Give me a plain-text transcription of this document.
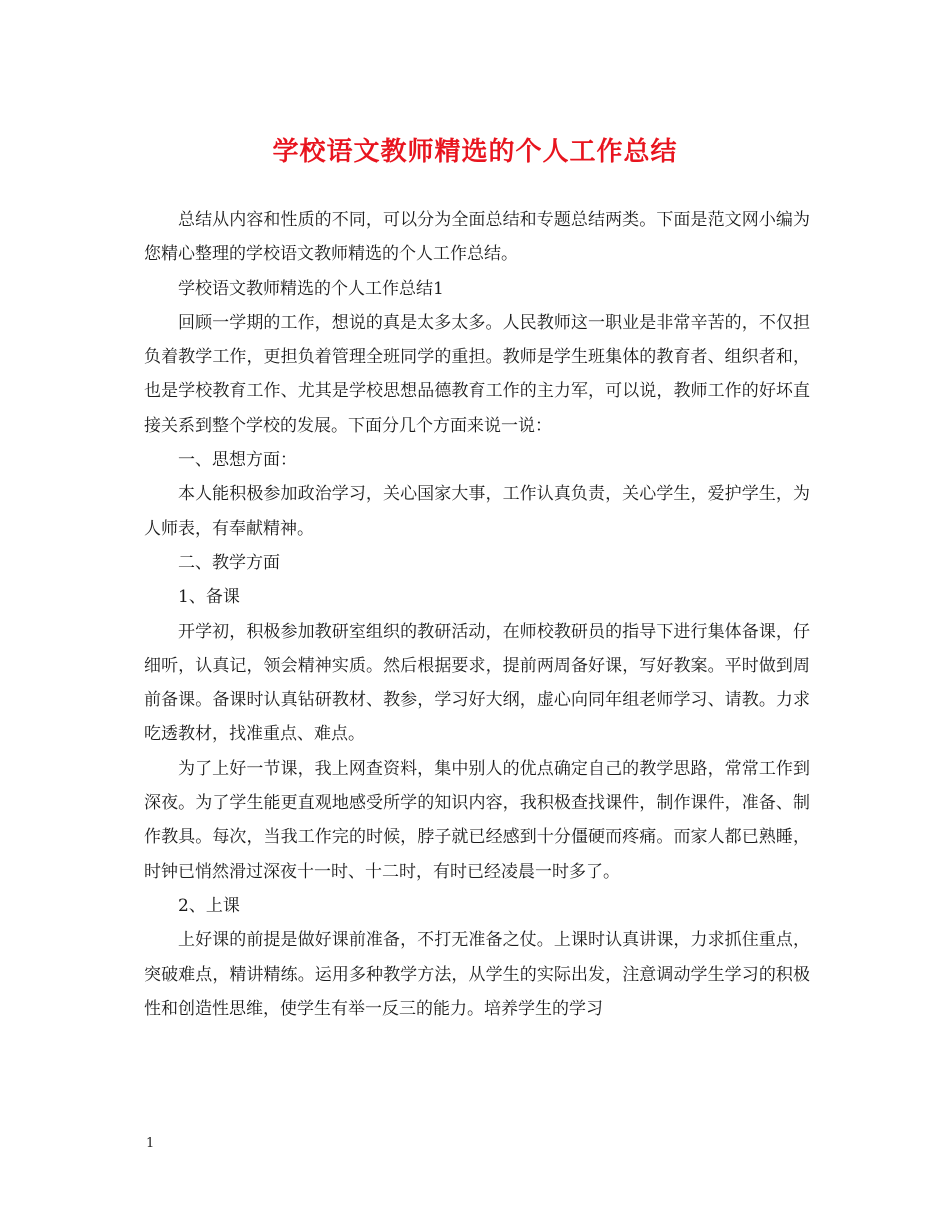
学校语文教师精选的个人工作总结

总结从内容和性质的不同，可以分为全面总结和专题总结两类。下面是范文网小编为您精心整理的学校语文教师精选的个人工作总结。

学校语文教师精选的个人工作总结1

回顾一学期的工作，想说的真是太多太多。人民教师这一职业是非常辛苦的，不仅担负着教学工作，更担负着管理全班同学的重担。教师是学生班集体的教育者、组织者和，也是学校教育工作、尤其是学校思想品德教育工作的主力军，可以说，教师工作的好坏直接关系到整个学校的发展。下面分几个方面来说一说：

一、思想方面：

本人能积极参加政治学习，关心国家大事，工作认真负责，关心学生，爱护学生，为人师表，有奉献精神。

二、教学方面

1、备课

开学初，积极参加教研室组织的教研活动，在师校教研员的指导下进行集体备课，仔细听，认真记，领会精神实质。然后根据要求，提前两周备好课，写好教案。平时做到周前备课。备课时认真钻研教材、教参，学习好大纲，虚心向同年组老师学习、请教。力求吃透教材，找准重点、难点。

为了上好一节课，我上网查资料，集中别人的优点确定自己的教学思路，常常工作到深夜。为了学生能更直观地感受所学的知识内容，我积极查找课件，制作课件，准备、制作教具。每次，当我工作完的时候，脖子就已经感到十分僵硬而疼痛。而家人都已熟睡，时钟已悄然滑过深夜十一时、十二时，有时已经凌晨一时多了。

2、上课

上好课的前提是做好课前准备，不打无准备之仗。上课时认真讲课，力求抓住重点，突破难点，精讲精练。运用多种教学方法，从学生的实际出发，注意调动学生学习的积极性和创造性思维，使学生有举一反三的能力。培养学生的学习

1
